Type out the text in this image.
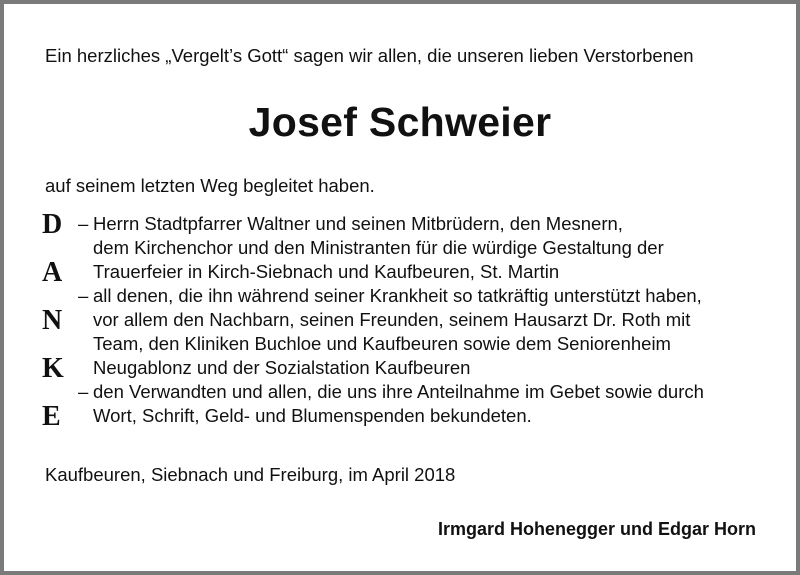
Ein herzliches „Vergelt’s Gott“ sagen wir allen, die unseren lieben Verstorbenen
Josef Schweier
auf seinem letzten Weg begleitet haben.
D
A
N
K
E
– Herrn Stadtpfarrer Waltner und seinen Mitbrüdern, den Mesnern,
dem Kirchenchor und den Ministranten für die würdige Gestaltung der
Trauerfeier in Kirch-Siebnach und Kaufbeuren, St. Martin
– all denen, die ihn während seiner Krankheit so tatkräftig unterstützt haben,
vor allem den Nachbarn, seinen Freunden, seinem Hausarzt Dr. Roth mit
Team, den Kliniken Buchloe und Kaufbeuren sowie dem Seniorenheim
Neugablonz und der Sozialstation Kaufbeuren
– den Verwandten und allen, die uns ihre Anteilnahme im Gebet sowie durch
Wort, Schrift, Geld- und Blumenspenden bekundeten.
Kaufbeuren, Siebnach und Freiburg, im April 2018
Irmgard Hohenegger und Edgar Horn
